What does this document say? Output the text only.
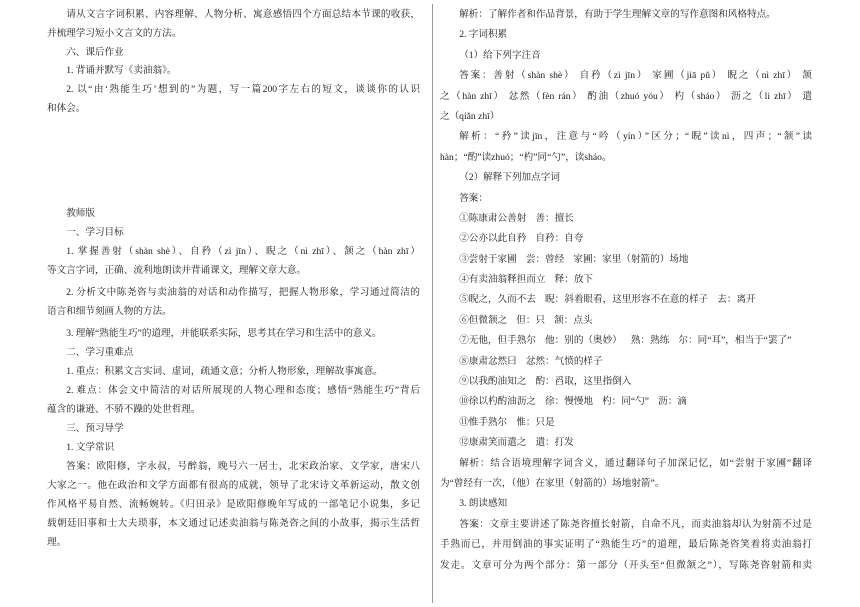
请从文言字词积累、内容理解、人物分析、寓意感悟四个方面总结本节课的收获，
并梳理学习短小文言文的方法。
六、课后作业
1. 背诵并默写《卖油翁》。
2. 以“由‘熟能生巧’想到的”为题，写一篇200字左右的短文，谈谈你的认识
和体会。
教师版
一、学习目标
1. 掌握善射（shàn shè）、自矜（zì jīn）、睨之（nì zhī）、颔之（hàn zhī）
等文言字词，正确、流利地朗读并背诵课文，理解文章大意。
2. 分析文中陈尧咨与卖油翁的对话和动作描写，把握人物形象，学习通过简洁的
语言和细节刻画人物的方法。
3. 理解“熟能生巧”的道理，并能联系实际，思考其在学习和生活中的意义。
二、学习重难点
1. 重点：积累文言实词、虚词，疏通文意；分析人物形象，理解故事寓意。
2. 难点：体会文中简洁的对话所展现的人物心理和态度；感悟“熟能生巧”背后
蕴含的谦逊、不骄不躁的处世哲理。
三、预习导学
1. 文学常识
答案：欧阳修，字永叔，号醉翁，晚号六一居士，北宋政治家、文学家，唐宋八
大家之一。他在政治和文学方面都有很高的成就，领导了北宋诗文革新运动，散文创
作风格平易自然、流畅婉转。《归田录》是欧阳修晚年写成的一部笔记小说集，多记
载朝廷旧事和士大夫琐事，本文通过记述卖油翁与陈尧咨之间的小故事，揭示生活哲
理。
解析：了解作者和作品背景，有助于学生理解文章的写作意图和风格特点。
2. 字词积累
（1）给下列字注音
答案：善射（shàn shè） 自矜（zì jīn） 家圃（jiā pǔ） 睨之（nì zhī） 颔
之（hàn zhī） 忿然（fèn rán） 酌油（zhuó yóu） 杓（sháo） 沥之（lì zhī） 遣
之（qiǎn zhī）
解析：“矜”读jīn，注意与“吟（yín）”区分；“睨”读nì，四声；“颔”读
hàn；“酌”读zhuó；“杓”同“勺”，读sháo。
（2）解释下列加点字词
答案：
①陈康肃公善射 善：擅长
②公亦以此自矜 自矜：自夸
③尝射于家圃 尝：曾经 家圃：家里（射箭的）场地
④有卖油翁释担而立 释：放下
⑤睨之，久而不去 睨：斜着眼看，这里形容不在意的样子 去：离开
⑥但微颔之 但：只 颔：点头
⑦无他，但手熟尔 他：别的（奥妙） 熟：熟练 尔：同“耳”，相当于“罢了”
⑧康肃忿然曰 忿然：气愤的样子
⑨以我酌油知之 酌：舀取，这里指倒入
⑩徐以杓酌油沥之 徐：慢慢地 杓：同“勺” 沥：滴
⑪惟手熟尔 惟：只是
⑫康肃笑而遣之 遣：打发
解析：结合语境理解字词含义，通过翻译句子加深记忆，如“尝射于家圃”翻译
为“曾经有一次，（他）在家里（射箭的）场地射箭”。
3. 朗读感知
答案：文章主要讲述了陈尧咨擅长射箭，自命不凡，而卖油翁却认为射箭不过是
手熟而已，并用倒油的事实证明了“熟能生巧”的道理，最后陈尧咨笑着将卖油翁打
发走。文章可分为两个部分：第一部分（开头至“但微颔之”），写陈尧咨射箭和卖
